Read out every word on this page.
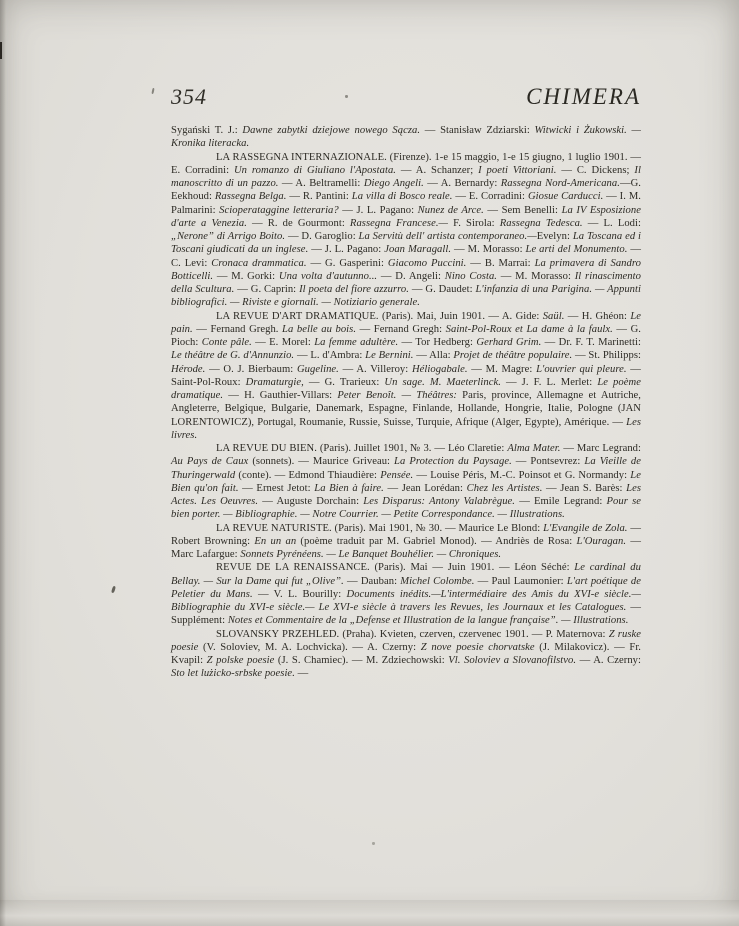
354	CHIMERA

Sygański T. J.: Dawne zabytki dziejowe nowego Sącza. — Stanisław Zdziarski: Witwicki i Żukowski. — Kronika literacka.

LA RASSEGNA INTERNAZIONALE. (Firenze). 1-e 15 maggio, 1-e 15 giugno, 1 luglio 1901. — E. Corradini: Un romanzo di Giuliano l'Apostata. — A. Schanzer; I poeti Vittoriani. — C. Dickens; Il manoscritto di un pazzo. — A. Beltramelli: Diego Angeli. — A. Bernardy: Rassegna Nord-Americana.—G. Eekhoud: Rassegna Belga. — R. Pantini: La villa di Bosco reale. — E. Corradini: Giosue Carducci. — I. M. Palmarini: Scioperataggine letteraria? — J. L. Pagano: Nunez de Arce. — Sem Benelli: La IV Esposizione d'arte a Venezia. — R. de Gourmont: Rassegna Francese.— F. Sirola: Rassegna Tedesca. — L. Lodi: „Nerone” di Arrigo Boito. — D. Garoglio: La Servitù dell' artista contemporaneo.—Evelyn: La Toscana ed i Toscani giudicati da un inglese. — J. L. Pagano: Joan Maragall. — M. Morasso: Le arti del Monumento. — C. Levi: Cronaca drammatica. — G. Gasperini: Giacomo Puccini. — B. Marrai: La primavera di Sandro Botticelli. — M. Gorki: Una volta d'autunno... — D. Angeli: Nino Costa. — M. Morasso: Il rinascimento della Scultura. — G. Caprin: Il poeta del fiore azzurro. — G. Daudet: L'infanzia di una Parigina. — Appunti bibliografici. — Riviste e giornali. — Notiziario generale.

LA REVUE D'ART DRAMATIQUE. (Paris). Mai, Juin 1901. — A. Gide: Saül. — H. Ghéon: Le pain. — Fernand Gregh. La belle au bois. — Fernand Gregh: Saint-Pol-Roux et La dame à la faulx. — G. Pioch: Conte pâle. — E. Morel: La femme adultère. — Tor Hedberg: Gerhard Grim. — Dr. F. T. Marinetti: Le théâtre de G. d'Annunzio. — L. d'Ambra: Le Bernini. — Alla: Projet de théâtre populaire. — St. Philipps: Hérode. — O. J. Bierbaum: Gugeline. — A. Villeroy: Héliogabale. — M. Magre: L'ouvrier qui pleure. — Saint-Pol-Roux: Dramaturgie, — G. Trarieux: Un sage. M. Maeterlinck. — J. F. L. Merlet: Le poème dramatique. — H. Gauthier-Villars: Peter Benoît. — Théâtres: Paris, province, Allemagne et Autriche, Angleterre, Belgique, Bulgarie, Danemark, Espagne, Finlande, Hollande, Hongrie, Italie, Pologne (JAN LORENTOWICZ), Portugal, Roumanie, Russie, Suisse, Turquie, Afrique (Alger, Egypte), Amérique. — Les livres.

LA REVUE DU BIEN. (Paris). Juillet 1901, № 3. — Léo Claretie: Alma Mater. — Marc Legrand: Au Pays de Caux (sonnets). — Maurice Griveau: La Protection du Paysage. — Pontsevrez: La Vieille de Thuringerwald (conte). — Edmond Thiaudière: Pensée. — Louise Péris, M.-C. Poinsot et G. Normandy: Le Bien qu'on fait. — Ernest Jetot: La Bien à faire. — Jean Lorédan: Chez les Artistes. — Jean S. Barès: Les Actes. Les Oeuvres. — Auguste Dorchain: Les Disparus: Antony Valabrègue. — Emile Legrand: Pour se bien porter. — Bibliographie. — Notre Courrier. — Petite Correspondance. — Illustrations.

LA REVUE NATURISTE. (Paris). Mai 1901, № 30. — Maurice Le Blond: L'Evangile de Zola. — Robert Browning: En un an (poème traduit par M. Gabriel Monod). — Andriès de Rosa: L'Ouragan. — Marc Lafargue: Sonnets Pyrénéens. — Le Banquet Bouhélier. — Chroniques.

REVUE DE LA RENAISSANCE. (Paris). Mai — Juin 1901. — Léon Séché: Le cardinal du Bellay. — Sur la Dame qui fut „Olive”. — Dauban: Michel Colombe. — Paul Laumonier: L'art poétique de Peletier du Mans. — V. L. Bourilly: Documents inédits.—L'intermédiaire des Amis du XVI-e siècle.—Bibliographie du XVI-e siècle.— Le XVI-e siècle à travers les Revues, les Journaux et les Catalogues. — Supplément: Notes et Commentaire de la „Defense et Illustration de la langue française”. — Illustrations.

SLOVANSKY PRZEHLED. (Praha). Kvieten, czerven, czervenec 1901. — P. Maternova: Z ruske poesie (V. Soloviev, M. A. Lochvicka). — A. Czerny: Z nove poesie chorvatske (J. Milakovicz). — Fr. Kvapil: Z polske poesie (J. S. Chamiec). — M. Zdziechowski: Vl. Soloviev a Slovanofilstvo. — A. Czerny: Sto let lużicko-srbske poesie. —
